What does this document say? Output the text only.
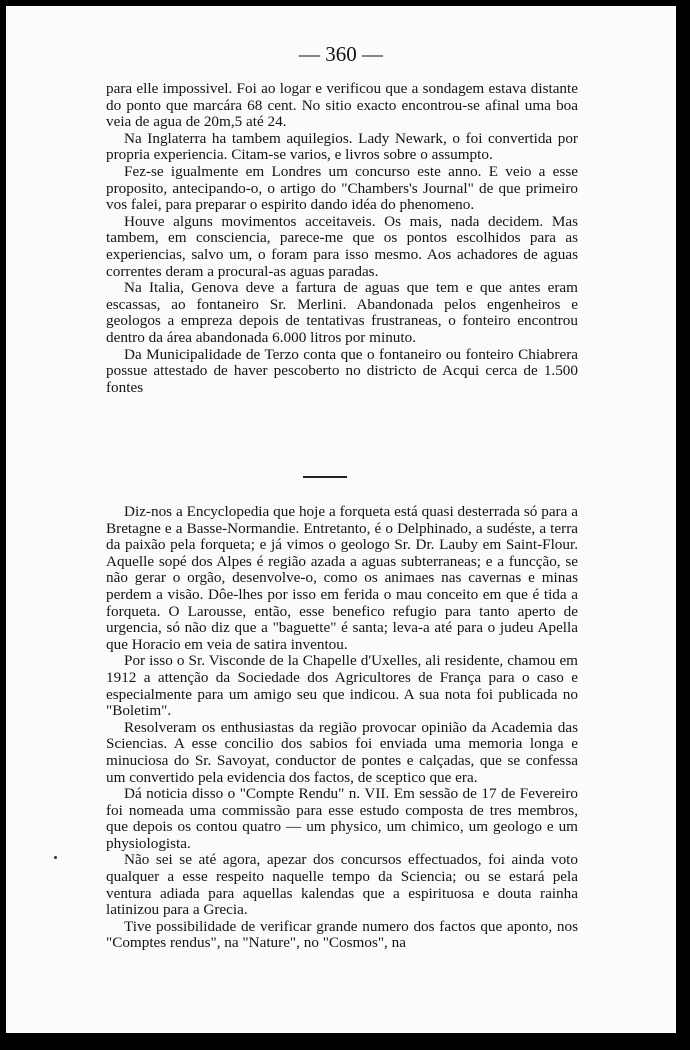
— 360 —

para elle impossivel. Foi ao logar e verificou que a sondagem estava distante do ponto que marcára 68 cent. No sitio exacto encontrou-se afinal uma boa veia de agua de 20m,5 até 24.

Na Inglaterra ha tambem aquilegios. Lady Newark, o foi convertida por propria experiencia. Citam-se varios, e livros sobre o assumpto.

Fez-se igualmente em Londres um concurso este anno. E veio a esse proposito, antecipando-o, o artigo do "Chambers's Journal" de que primeiro vos falei, para preparar o espirito dando idéa do phenomeno.

Houve alguns movimentos acceitaveis. Os mais, nada decidem. Mas tambem, em consciencia, parece-me que os pontos escolhidos para as experiencias, salvo um, o foram para isso mesmo. Aos achadores de aguas correntes deram a procural-as aguas paradas.

Na Italia, Genova deve a fartura de aguas que tem e que antes eram escassas, ao fontaneiro Sr. Merlini. Abandonada pelos engenheiros e geologos a empreza depois de tentativas frustraneas, o fonteiro encontrou dentro da área abandonada 6.000 litros por minuto.

Da Municipalidade de Terzo conta que o fontaneiro ou fonteiro Chiabrera possue attestado de haver pescoberto no districto de Acqui cerca de 1.500 fontes

Diz-nos a Encyclopedia que hoje a forqueta está quasi desterrada só para a Bretagne e a Basse-Normandie. Entretanto, é o Delphinado, a sudéste, a terra da paixão pela forqueta; e já vimos o geologo Sr. Dr. Lauby em Saint-Flour. Aquelle sopé dos Alpes é região azada a aguas subterraneas; e a funcção, se não gerar o orgão, desenvolve-o, como os animaes nas cavernas e minas perdem a visão. Dôe-lhes por isso em ferida o mau conceito em que é tida a forqueta. O Larousse, então, esse benefico refugio para tanto aperto de urgencia, só não diz que a "baguette" é santa; leva-a até para o judeu Apella que Horacio em veia de satira inventou.

Por isso o Sr. Visconde de la Chapelle d'Uxelles, ali residente, chamou em 1912 a attenção da Sociedade dos Agricultores de França para o caso e especialmente para um amigo seu que indicou. A sua nota foi publicada no "Boletim".

Resolveram os enthusiastas da região provocar opinião da Academia das Sciencias. A esse concilio dos sabios foi enviada uma memoria longa e minuciosa do Sr. Savoyat, conductor de pontes e calçadas, que se confessa um convertido pela evidencia dos factos, de sceptico que era.

Dá noticia disso o "Compte Rendu" n. VII. Em sessão de 17 de Fevereiro foi nomeada uma commissão para esse estudo composta de tres membros, que depois os contou quatro — um physico, um chimico, um geologo e um physiologista.

Não sei se até agora, apezar dos concursos effectuados, foi ainda voto qualquer a esse respeito naquelle tempo da Sciencia; ou se estará pela ventura adiada para aquellas kalendas que a espirituosa e douta rainha latinizou para a Grecia.

Tive possibilidade de verificar grande numero dos factos que aponto, nos "Comptes rendus", na "Nature", no "Cosmos", na
